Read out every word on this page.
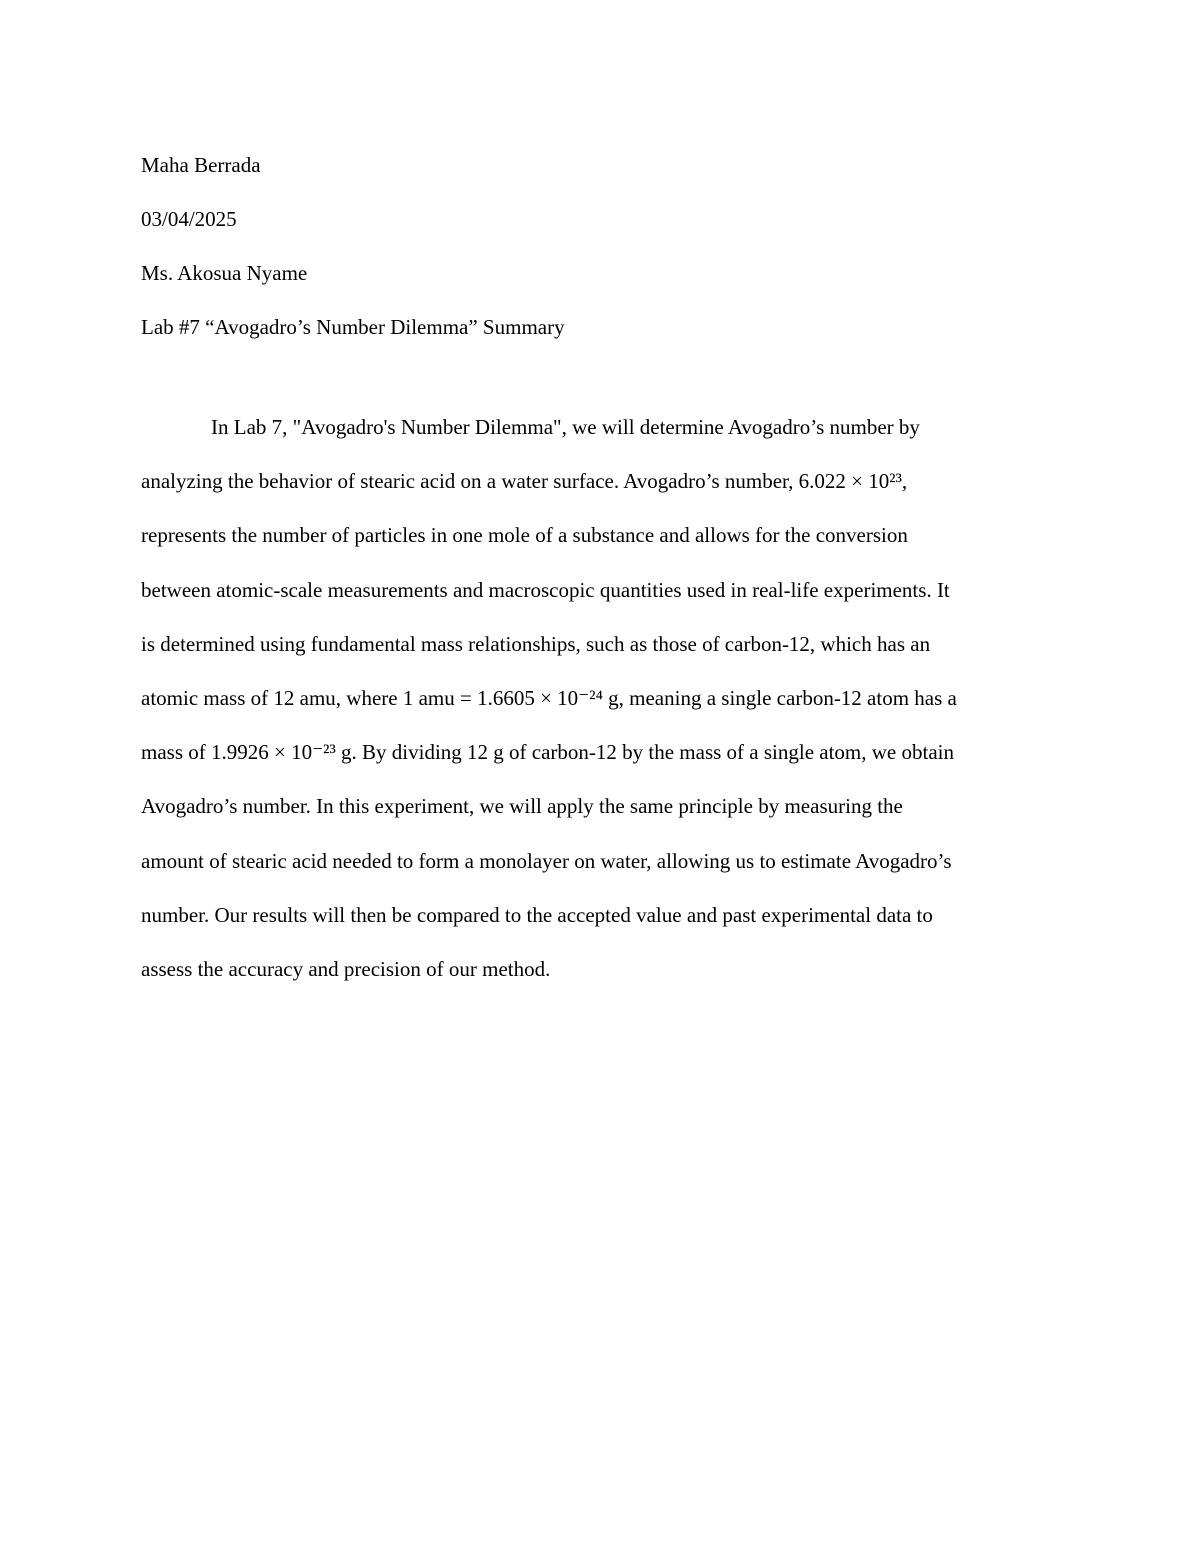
Maha Berrada
03/04/2025
Ms. Akosua Nyame
Lab #7 “Avogadro’s Number Dilemma” Summary
In Lab 7, "Avogadro's Number Dilemma", we will determine Avogadro’s number by
analyzing the behavior of stearic acid on a water surface. Avogadro’s number, 6.022 × 10²³,
represents the number of particles in one mole of a substance and allows for the conversion
between atomic-scale measurements and macroscopic quantities used in real-life experiments. It
is determined using fundamental mass relationships, such as those of carbon-12, which has an
atomic mass of 12 amu, where 1 amu = 1.6605 × 10⁻²⁴ g, meaning a single carbon-12 atom has a
mass of 1.9926 × 10⁻²³ g. By dividing 12 g of carbon-12 by the mass of a single atom, we obtain
Avogadro’s number. In this experiment, we will apply the same principle by measuring the
amount of stearic acid needed to form a monolayer on water, allowing us to estimate Avogadro’s
number. Our results will then be compared to the accepted value and past experimental data to
assess the accuracy and precision of our method.
